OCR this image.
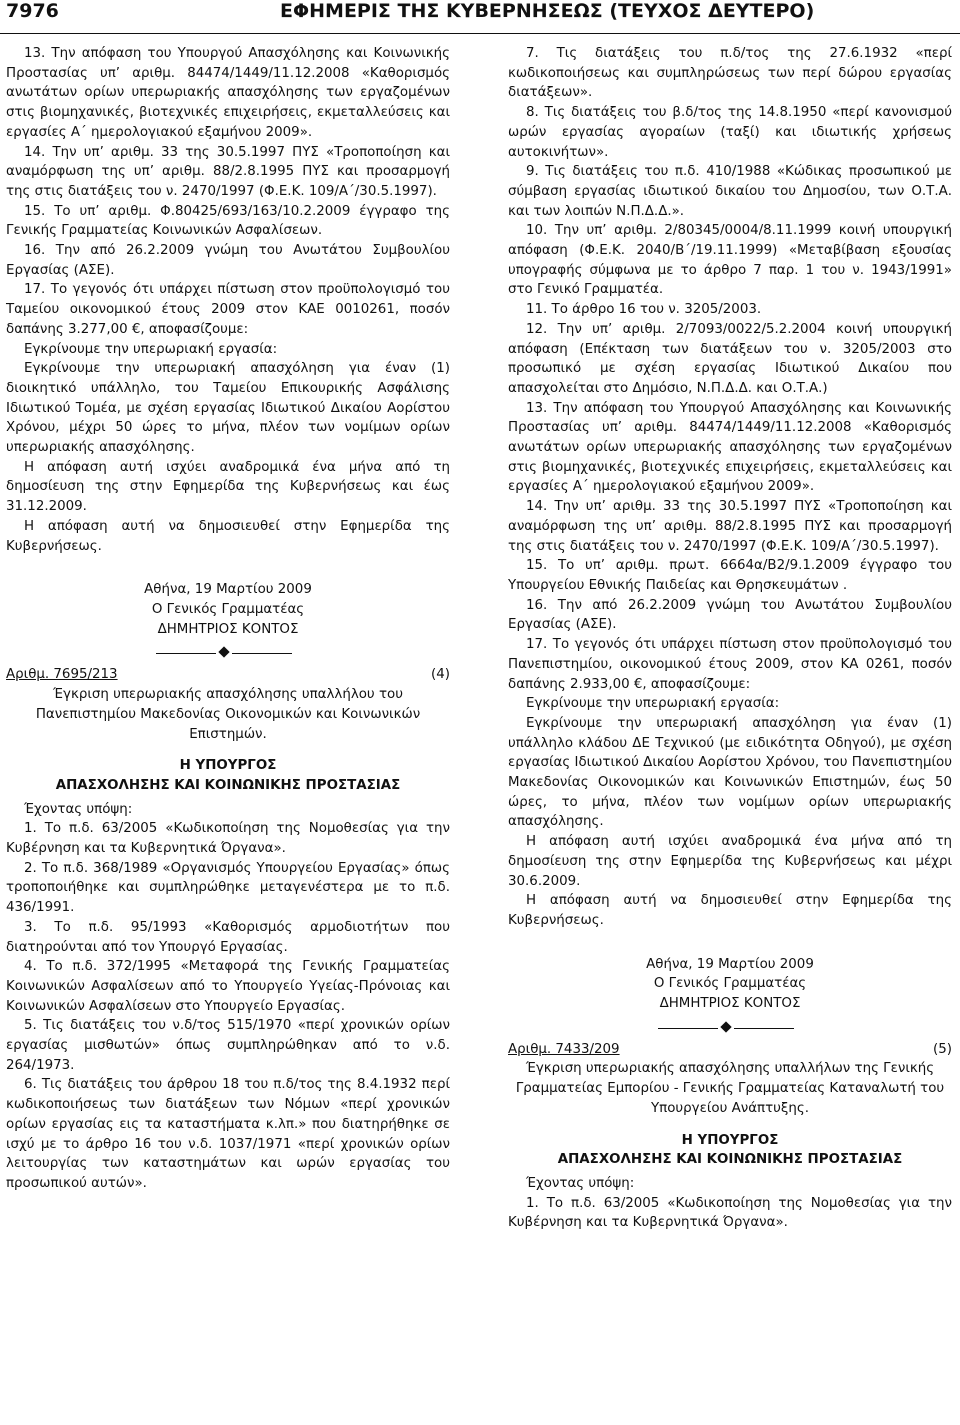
7976	ΕΦΗΜΕΡΙΣ ΤΗΣ ΚΥΒΕΡΝΗΣΕΩΣ (ΤΕΥΧΟΣ ΔΕΥΤΕΡΟ)

13. Την απόφαση του Υπουργού Απασχόλησης και Κοινωνικής Προστασίας υπ’ αριθμ. 84474/1449/11.12.2008 «Καθορισμός ανωτάτων ορίων υπερωριακής απασχόλησης των εργαζομένων στις βιομηχανικές, βιοτεχνικές επιχειρήσεις, εκμεταλλεύσεις και εργασίες Α΄ ημερολογιακού εξαμήνου 2009».

14. Την υπ’ αριθμ. 33 της 30.5.1997 ΠΥΣ «Τροποποίηση και αναμόρφωση της υπ’ αριθμ. 88/2.8.1995 ΠΥΣ και προσαρμογή της στις διατάξεις του ν. 2470/1997 (Φ.Ε.Κ. 109/Α΄/30.5.1997).

15. Το υπ’ αριθμ. Φ.80425/693/163/10.2.2009 έγγραφο της Γενικής Γραμματείας Κοινωνικών Ασφαλίσεων.

16. Την από 26.2.2009 γνώμη του Ανωτάτου Συμβουλίου Εργασίας (ΑΣΕ).

17. Το γεγονός ότι υπάρχει πίστωση στον προϋπολογισμό του Ταμείου οικονομικού έτους 2009 στον ΚΑΕ 0010261, ποσόν δαπάνης 3.277,00 €, αποφασίζουμε:

Εγκρίνουμε την υπερωριακή εργασία:

Εγκρίνουμε την υπερωριακή απασχόληση για έναν (1) διοικητικό υπάλληλο, του Ταμείου Επικουρικής Ασφάλισης Ιδιωτικού Τομέα, με σχέση εργασίας Ιδιωτικού Δικαίου Αορίστου Χρόνου, μέχρι 50 ώρες το μήνα, πλέον των νομίμων ορίων υπερωριακής απασχόλησης.

Η απόφαση αυτή ισχύει αναδρομικά ένα μήνα από τη δημοσίευση της στην Εφημερίδα της Κυβερνήσεως και έως 31.12.2009.

Η απόφαση αυτή να δημοσιευθεί στην Εφημερίδα της Κυβερνήσεως.

Αθήνα, 19 Μαρτίου 2009

Ο Γενικός Γραμματέας

ΔΗΜΗΤΡΙΟΣ ΚΟΝΤΟΣ

Αριθμ. 7695/213	(4)

Έγκριση υπερωριακής απασχόλησης υπαλλήλου του Πανεπιστημίου Μακεδονίας Οικονομικών και Κοινωνικών Επιστημών.

Η ΥΠΟΥΡΓΟΣ

ΑΠΑΣΧΟΛΗΣΗΣ ΚΑΙ ΚΟΙΝΩΝΙΚΗΣ ΠΡΟΣΤΑΣΙΑΣ

Έχοντας υπόψη:

1. Το π.δ. 63/2005 «Κωδικοποίηση της Νομοθεσίας για την Κυβέρνηση και τα Κυβερνητικά Όργανα».

2. Το π.δ. 368/1989 «Οργανισμός Υπουργείου Εργασίας» όπως τροποποιήθηκε και συμπληρώθηκε μεταγενέστερα με το π.δ. 436/1991.

3. Το π.δ. 95/1993 «Καθορισμός αρμοδιοτήτων που διατηρούνται από τον Υπουργό Εργασίας.

4. Το π.δ. 372/1995 «Μεταφορά της Γενικής Γραμματείας Κοινωνικών Ασφαλίσεων από το Υπουργείο Υγείας-Πρόνοιας και Κοινωνικών Ασφαλίσεων στο Υπουργείο Εργασίας.

5. Τις διατάξεις του ν.δ/τος 515/1970 «περί χρονικών ορίων εργασίας μισθωτών» όπως συμπληρώθηκαν από το ν.δ. 264/1973.

6. Τις διατάξεις του άρθρου 18 του π.δ/τος της 8.4.1932 περί κωδικοποιήσεως των διατάξεων των Νόμων «περί χρονικών ορίων εργασίας εις τα καταστήματα κ.λπ.» που διατηρήθηκε σε ισχύ με το άρθρο 16 του ν.δ. 1037/1971 «περί χρονικών ορίων λειτουργίας των καταστημάτων και ωρών εργασίας του προσωπικού αυτών».

7. Τις διατάξεις του π.δ/τος της 27.6.1932 «περί κωδικοποιήσεως και συμπληρώσεως των περί δώρου εργασίας διατάξεων».

8. Τις διατάξεις του β.δ/τος της 14.8.1950 «περί κανονισμού ωρών εργασίας αγοραίων (ταξί) και ιδιωτικής χρήσεως αυτοκινήτων».

9. Τις διατάξεις του π.δ. 410/1988 «Κώδικας προσωπικού με σύμβαση εργασίας ιδιωτικού δικαίου του Δημοσίου, των Ο.Τ.Α. και των λοιπών Ν.Π.Δ.Δ.».

10. Την υπ’ αριθμ. 2/80345/0004/8.11.1999 κοινή υπουργική απόφαση (Φ.Ε.Κ. 2040/Β΄/19.11.1999) «Μεταβίβαση εξουσίας υπογραφής σύμφωνα με το άρθρο 7 παρ. 1 του ν. 1943/1991» στο Γενικό Γραμματέα.

11. Το άρθρο 16 του ν. 3205/2003.

12. Την υπ’ αριθμ. 2/7093/0022/5.2.2004 κοινή υπουργική απόφαση (Επέκταση των διατάξεων του ν. 3205/2003 στο προσωπικό με σχέση εργασίας Ιδιωτικού Δικαίου που απασχολείται στο Δημόσιο, Ν.Π.Δ.Δ. και Ο.Τ.Α.)

13. Την απόφαση του Υπουργού Απασχόλησης και Κοινωνικής Προστασίας υπ’ αριθμ. 84474/1449/11.12.2008 «Καθορισμός ανωτάτων ορίων υπερωριακής απασχόλησης των εργαζομένων στις βιομηχανικές, βιοτεχνικές επιχειρήσεις, εκμεταλλεύσεις και εργασίες Α΄ ημερολογιακού εξαμήνου 2009».

14. Την υπ’ αριθμ. 33 της 30.5.1997 ΠΥΣ «Τροποποίηση και αναμόρφωση της υπ’ αριθμ. 88/2.8.1995 ΠΥΣ και προσαρμογή της στις διατάξεις του ν. 2470/1997 (Φ.Ε.Κ. 109/Α΄/30.5.1997).

15. Το υπ’ αριθμ. πρωτ. 6664α/Β2/9.1.2009 έγγραφο του Υπουργείου Εθνικής Παιδείας και Θρησκευμάτων .

16. Την από 26.2.2009 γνώμη του Ανωτάτου Συμβουλίου Εργασίας (ΑΣΕ).

17. Το γεγονός ότι υπάρχει πίστωση στον προϋπολογισμό του Πανεπιστημίου, οικονομικού έτους 2009, στον ΚΑ 0261, ποσόν δαπάνης 2.933,00 €, αποφασίζουμε:

Εγκρίνουμε την υπερωριακή εργασία:

Εγκρίνουμε την υπερωριακή απασχόληση για έναν (1) υπάλληλο κλάδου ΔΕ Τεχνικού (με ειδικότητα Οδηγού), με σχέση εργασίας Ιδιωτικού Δικαίου Αορίστου Χρόνου, του Πανεπιστημίου Μακεδονίας Οικονομικών και Κοινωνικών Επιστημών, έως 50 ώρες, το μήνα, πλέον των νομίμων ορίων υπερωριακής απασχόλησης.

Η απόφαση αυτή ισχύει αναδρομικά ένα μήνα από τη δημοσίευση της στην Εφημερίδα της Κυβερνήσεως και μέχρι 30.6.2009.

Η απόφαση αυτή να δημοσιευθεί στην Εφημερίδα της Κυβερνήσεως.

Αθήνα, 19 Μαρτίου 2009

Ο Γενικός Γραμματέας

ΔΗΜΗΤΡΙΟΣ ΚΟΝΤΟΣ

Αριθμ. 7433/209	(5)

Έγκριση υπερωριακής απασχόλησης υπαλλήλων της Γενικής Γραμματείας Εμπορίου - Γενικής Γραμματείας Καταναλωτή του Υπουργείου Ανάπτυξης.

Η ΥΠΟΥΡΓΟΣ

ΑΠΑΣΧΟΛΗΣΗΣ ΚΑΙ ΚΟΙΝΩΝΙΚΗΣ ΠΡΟΣΤΑΣΙΑΣ

Έχοντας υπόψη:

1. Το π.δ. 63/2005 «Κωδικοποίηση της Νομοθεσίας για την Κυβέρνηση και τα Κυβερνητικά Όργανα».
